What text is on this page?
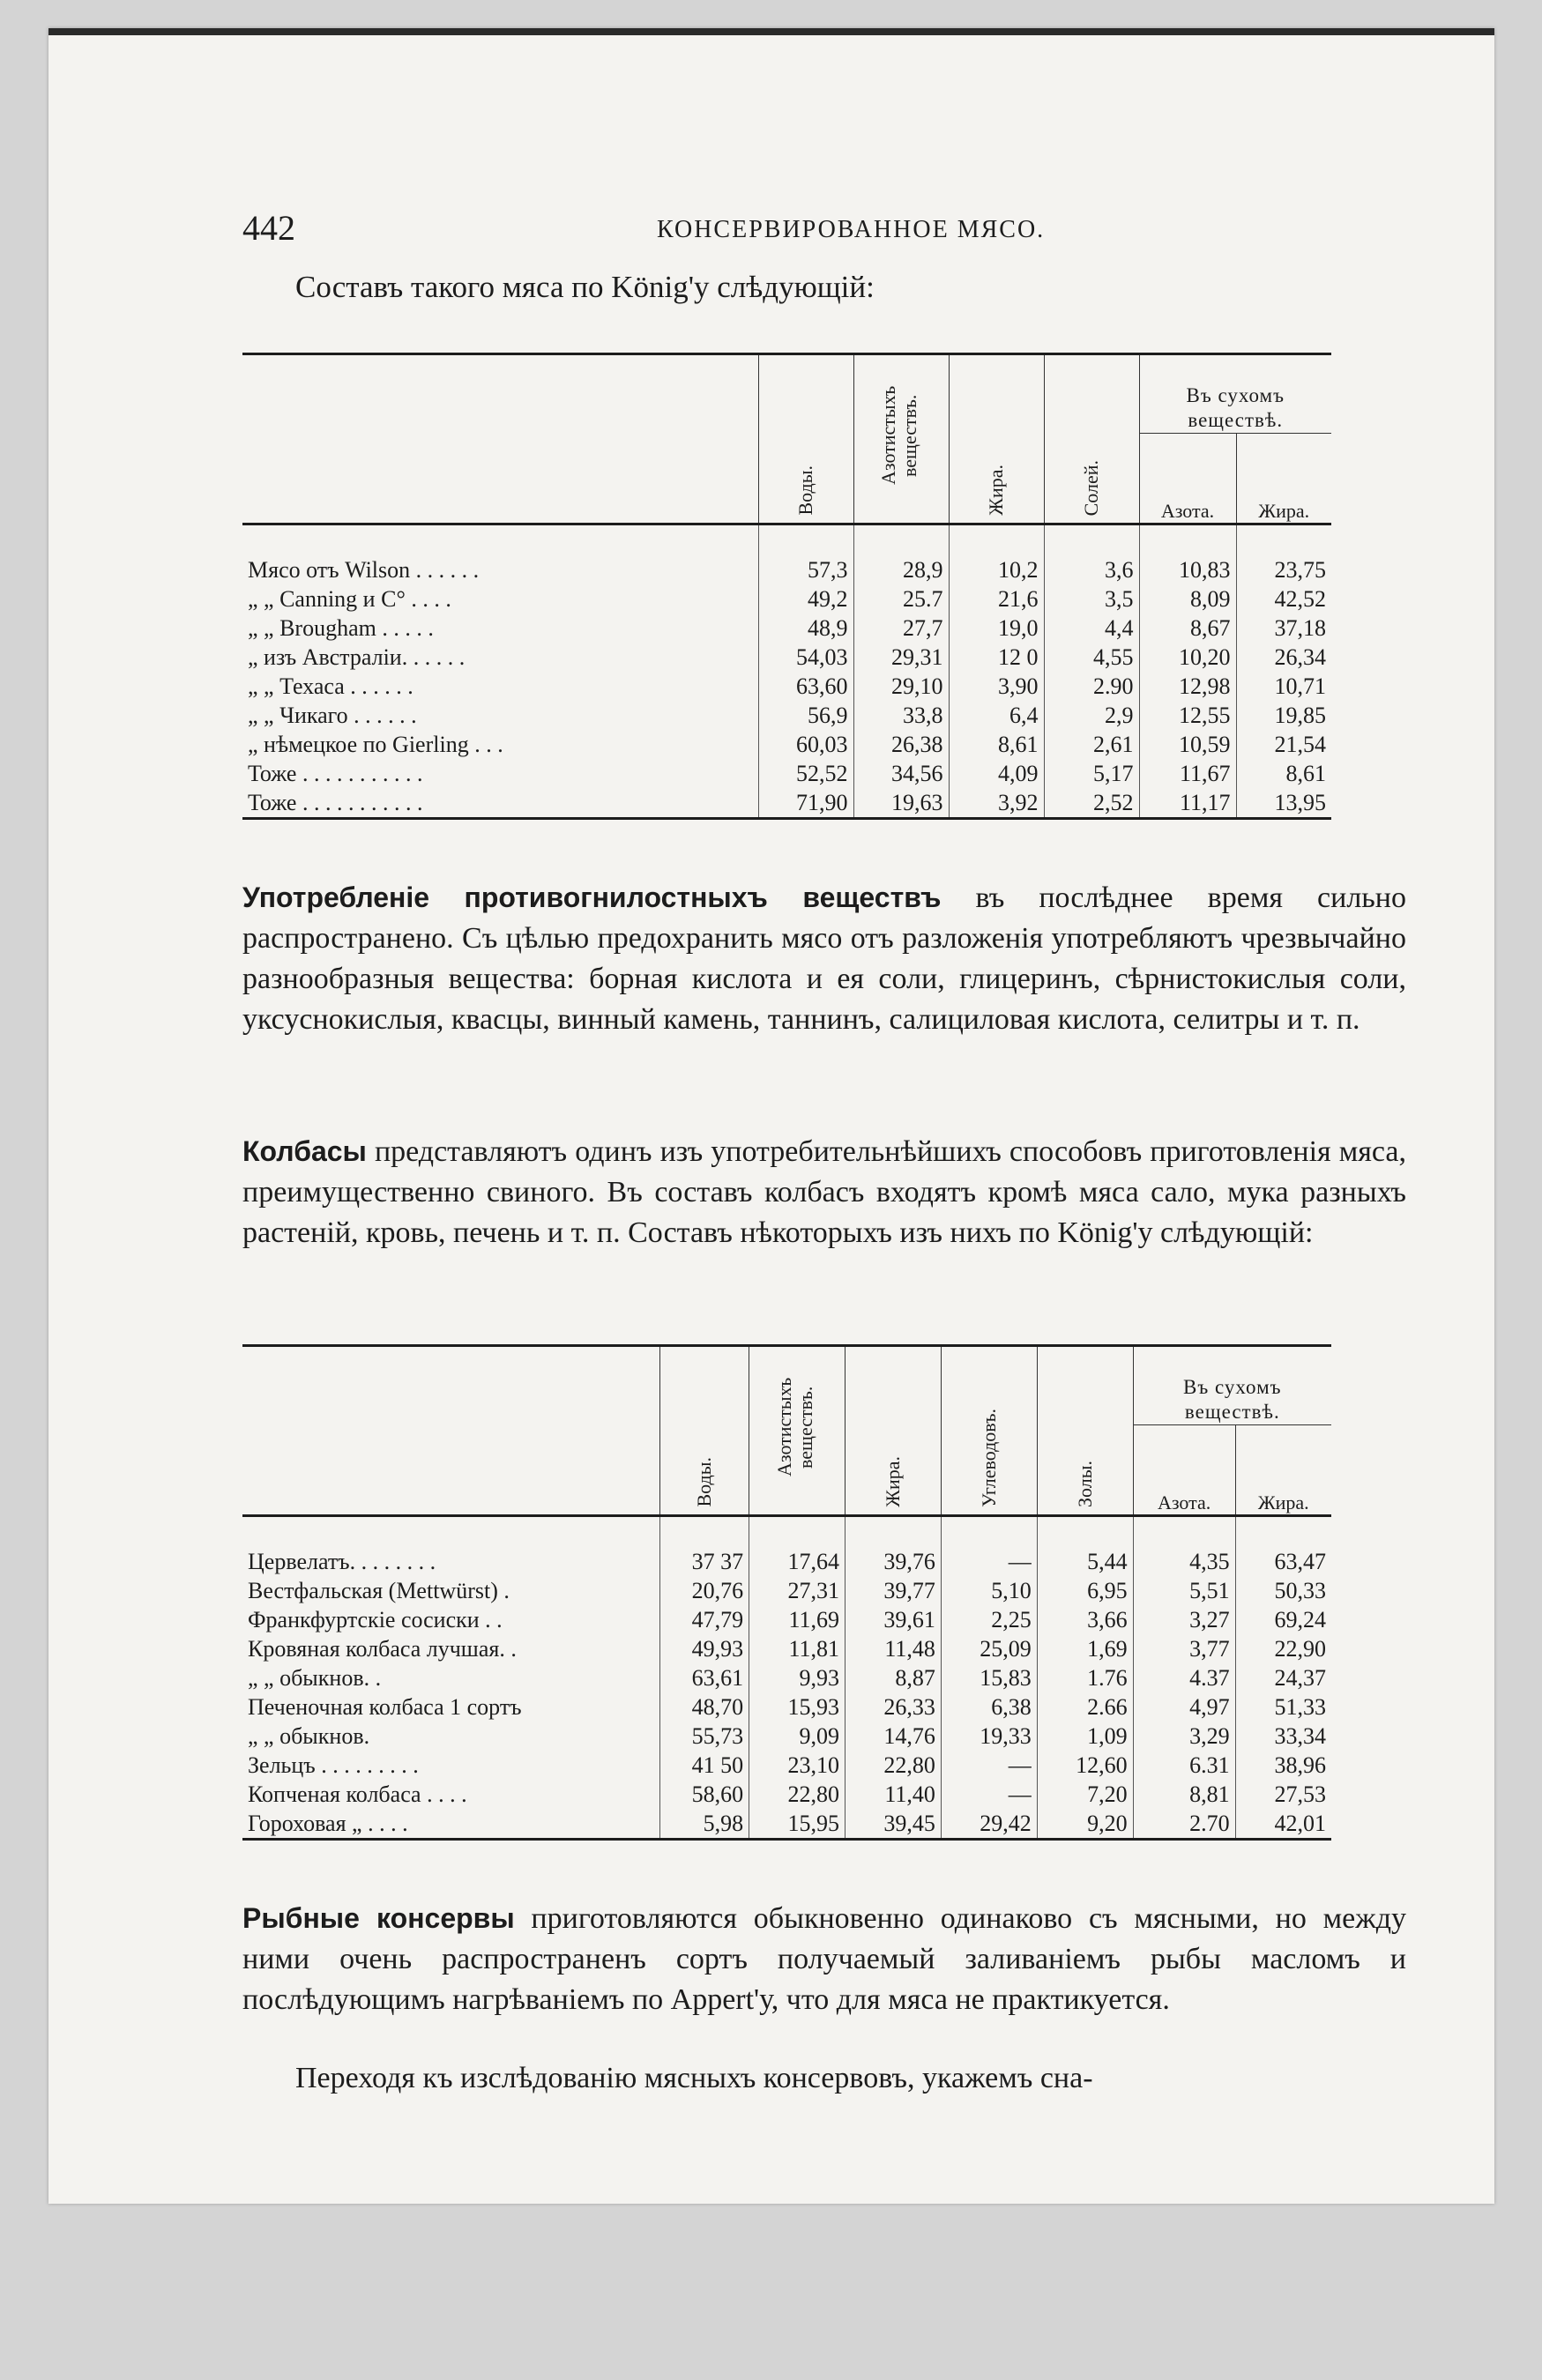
442	КОНСЕРВИРОВАННОЕ МЯСО.
Составъ такого мяса по König'у слѣдующій:

	Воды.	Азотистыхъ веществъ.	Жира.	Солей.	Въ сухомъ веществѣ.	
					Азота.	Жира.
Мясо отъ Wilson . . . . . .	57,3	28,9	10,2	3,6	10,83	23,75
„ „ Canning и C° . . . .	49,2	25.7	21,6	3,5	8,09	42,52
„ „ Brougham . . . . .	48,9	27,7	19,0	4,4	8,67	37,18
„ изъ Австраліи. . . . . .	54,03	29,31	12 0	4,55	10,20	26,34
„ „ Техаса . . . . . .	63,60	29,10	3,90	2.90	12,98	10,71
„ „ Чикаго . . . . . .	56,9	33,8	6,4	2,9	12,55	19,85
„ нѣмецкое по Gierling . . .	60,03	26,38	8,61	2,61	10,59	21,54
Тоже . . . . . . . . . . .	52,52	34,56	4,09	5,17	11,67	8,61
Тоже . . . . . . . . . . .	71,90	19,63	3,92	2,52	11,17	13,95

Употребленіе противогнилостныхъ веществъ въ послѣднее время сильно распространено. Съ цѣлью предохранить мясо отъ разложенія употребляютъ чрезвычайно разнообразныя вещества: борная кислота и ея соли, глицеринъ, сѣрнистокислыя соли, уксуснокислыя, квасцы, винный камень, таннинъ, салициловая кислота, селитры и т. п.

Колбасы представляютъ одинъ изъ употребительнѣйшихъ способовъ приготовленія мяса, преимущественно свиного. Въ составъ колбасъ входятъ кромѣ мяса сало, мука разныхъ растеній, кровь, печень и т. п. Составъ нѣкоторыхъ изъ нихъ по König'у слѣдующій:

	Воды.	Азотистыхъ веществъ.	Жира.	Углеводовъ.	Золы.	Въ сухомъ веществѣ.	
						Азота.	Жира.
Цервелатъ. . . . . . . .	37 37	17,64	39,76	—	5,44	4,35	63,47
Вестфальская (Mettwürst) .	20,76	27,31	39,77	5,10	6,95	5,51	50,33
Франкфуртскіе сосиски . .	47,79	11,69	39,61	2,25	3,66	3,27	69,24
Кровяная колбаса лучшая. .	49,93	11,81	11,48	25,09	1,69	3,77	22,90
„ „ обыкнов. .	63,61	9,93	8,87	15,83	1.76	4.37	24,37
Печеночная колбаса 1 сортъ	48,70	15,93	26,33	6,38	2.66	4,97	51,33
„ „ обыкнов.	55,73	9,09	14,76	19,33	1,09	3,29	33,34
Зельцъ . . . . . . . . .	41 50	23,10	22,80	—	12,60	6.31	38,96
Копченая колбаса . . . .	58,60	22,80	11,40	—	7,20	8,81	27,53
Гороховая „ . . . .	5,98	15,95	39,45	29,42	9,20	2.70	42,01

Рыбные консервы приготовляются обыкновенно одинаково съ мясными, но между ними очень распространенъ сортъ получаемый заливаніемъ рыбы масломъ и послѣдующимъ нагрѣваніемъ по Appert'у, что для мяса не практикуется.

Переходя къ изслѣдованію мясныхъ консервовъ, укажемъ сна-
